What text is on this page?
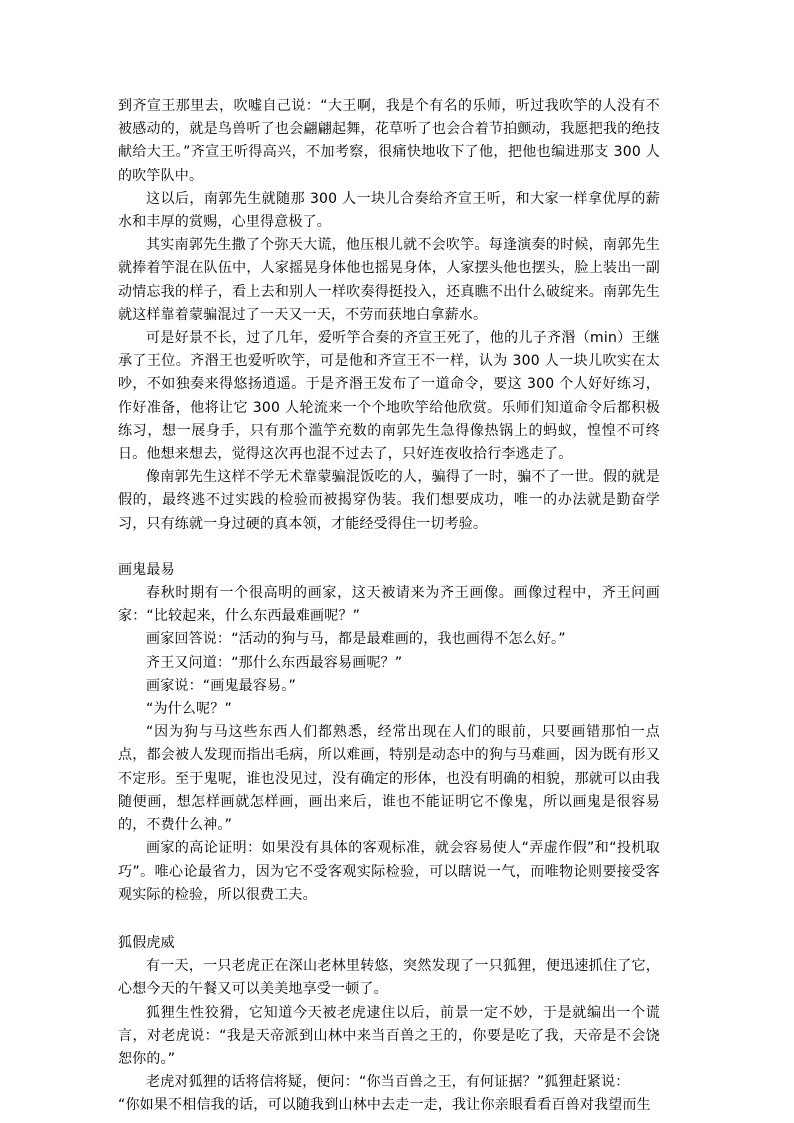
到齐宣王那里去，吹嘘自己说：“大王啊，我是个有名的乐师，听过我吹竽的人没有不被感动的，就是鸟兽听了也会翩翩起舞，花草听了也会合着节拍颤动，我愿把我的绝技献给大王。”齐宣王听得高兴，不加考察，很痛快地收下了他，把他也编进那支 300 人的吹竽队中。

这以后，南郭先生就随那 300 人一块儿合奏给齐宣王听，和大家一样拿优厚的薪水和丰厚的赏赐，心里得意极了。

其实南郭先生撒了个弥天大谎，他压根儿就不会吹竽。每逢演奏的时候，南郭先生就捧着竽混在队伍中，人家摇晃身体他也摇晃身体，人家摆头他也摆头，脸上装出一副动情忘我的样子，看上去和别人一样吹奏得挺投入，还真瞧不出什么破绽来。南郭先生就这样靠着蒙骗混过了一天又一天，不劳而获地白拿薪水。

可是好景不长，过了几年，爱听竽合奏的齐宣王死了，他的儿子齐湣（min）王继承了王位。齐湣王也爱听吹竽，可是他和齐宣王不一样，认为 300 人一块儿吹实在太吵，不如独奏来得悠扬逍遥。于是齐湣王发布了一道命令，要这 300 个人好好练习，作好准备，他将让它 300 人轮流来一个个地吹竽给他欣赏。乐师们知道命令后都积极练习，想一展身手，只有那个滥竽充数的南郭先生急得像热锅上的蚂蚁，惶惶不可终日。他想来想去，觉得这次再也混不过去了，只好连夜收拾行李逃走了。

像南郭先生这样不学无术靠蒙骗混饭吃的人，骗得了一时，骗不了一世。假的就是假的，最终逃不过实践的检验而被揭穿伪装。我们想要成功，唯一的办法就是勤奋学习，只有练就一身过硬的真本领，才能经受得住一切考验。

画鬼最易

春秋时期有一个很高明的画家，这天被请来为齐王画像。画像过程中，齐王问画家：“比较起来，什么东西最难画呢？”

画家回答说：“活动的狗与马，都是最难画的，我也画得不怎么好。”

齐王又问道：“那什么东西最容易画呢？”

画家说：“画鬼最容易。”

“为什么呢？”

“因为狗与马这些东西人们都熟悉，经常出现在人们的眼前，只要画错那怕一点点，都会被人发现而指出毛病，所以难画，特别是动态中的狗与马难画，因为既有形又不定形。至于鬼呢，谁也没见过，没有确定的形体，也没有明确的相貌，那就可以由我随便画，想怎样画就怎样画，画出来后，谁也不能证明它不像鬼，所以画鬼是很容易的，不费什么神。”

画家的高论证明：如果没有具体的客观标准，就会容易使人“弄虚作假”和“投机取巧”。唯心论最省力，因为它不受客观实际检验，可以瞎说一气，而唯物论则要接受客观实际的检验，所以很费工夫。

狐假虎威

有一天，一只老虎正在深山老林里转悠，突然发现了一只狐狸，便迅速抓住了它，心想今天的午餐又可以美美地享受一顿了。

狐狸生性狡猾，它知道今天被老虎逮住以后，前景一定不妙，于是就编出一个谎言，对老虎说：“我是天帝派到山林中来当百兽之王的，你要是吃了我，天帝是不会饶恕你的。”

老虎对狐狸的话将信将疑，便问：“你当百兽之王，有何证据？”狐狸赶紧说：

“你如果不相信我的话，可以随我到山林中去走一走，我让你亲眼看看百兽对我望而生
